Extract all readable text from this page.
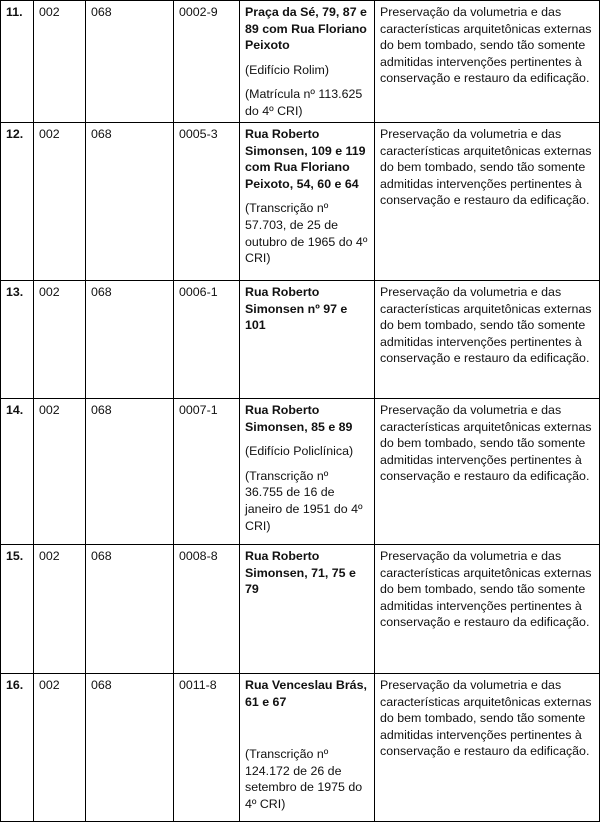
11.	002	068	0002-9	Praça da Sé, 79, 87 e 89 com Rua Floriano Peixoto
(Edifício Rolim)
(Matrícula nº 113.625 do 4º CRI)	Preservação da volumetria e das características arquitetônicas externas do bem tombado, sendo tão somente admitidas intervenções pertinentes à conservação e restauro da edificação.
12.	002	068	0005-3	Rua Roberto Simonsen, 109 e 119 com Rua Floriano Peixoto, 54, 60 e 64
(Transcrição nº 57.703, de 25 de outubro de 1965 do 4º CRI)	Preservação da volumetria e das características arquitetônicas externas do bem tombado, sendo tão somente admitidas intervenções pertinentes à conservação e restauro da edificação.
13.	002	068	0006-1	Rua Roberto Simonsen nº 97 e 101	Preservação da volumetria e das características arquitetônicas externas do bem tombado, sendo tão somente admitidas intervenções pertinentes à conservação e restauro da edificação.
14.	002	068	0007-1	Rua Roberto Simonsen, 85 e 89
(Edifício Policlínica)
(Transcrição nº 36.755 de 16 de janeiro de 1951 do 4º CRI)	Preservação da volumetria e das características arquitetônicas externas do bem tombado, sendo tão somente admitidas intervenções pertinentes à conservação e restauro da edificação.
15.	002	068	0008-8	Rua Roberto Simonsen, 71, 75 e 79	Preservação da volumetria e das características arquitetônicas externas do bem tombado, sendo tão somente admitidas intervenções pertinentes à conservação e restauro da edificação.
16.	002	068	0011-8	Rua Venceslau Brás, 61 e 67
(Transcrição nº 124.172 de 26 de setembro de 1975 do 4º CRI)	Preservação da volumetria e das características arquitetônicas externas do bem tombado, sendo tão somente admitidas intervenções pertinentes à conservação e restauro da edificação.
